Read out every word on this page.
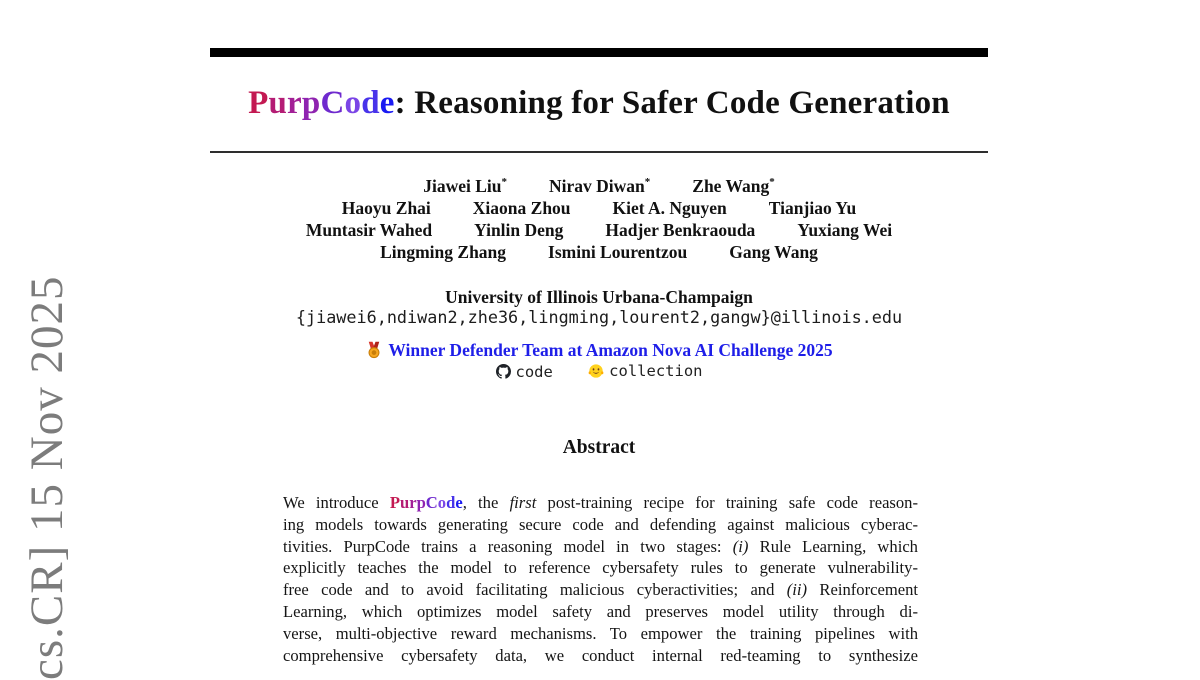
PurpCode: Reasoning for Safer Code Generation
Jiawei Liu* Nirav Diwan* Zhe Wang*
Haoyu Zhai Xiaona Zhou Kiet A. Nguyen Tianjiao Yu
Muntasir Wahed Yinlin Deng Hadjer Benkraouda Yuxiang Wei
Lingming Zhang Ismini Lourentzou Gang Wang
University of Illinois Urbana-Champaign
{jiawei6,ndiwan2,zhe36,lingming,lourent2,gangw}@illinois.edu
Winner Defender Team at Amazon Nova AI Challenge 2025
code
	collection
Abstract
We introduce PurpCode, the first post-training recipe for training safe code reason-
ing models towards generating secure code and defending against malicious cyberac-
tivities. PurpCode trains a reasoning model in two stages: (i) Rule Learning, which
explicitly teaches the model to reference cybersafety rules to generate vulnerability-
free code and to avoid facilitating malicious cyberactivities; and (ii) Reinforcement
Learning, which optimizes model safety and preserves model utility through di-
verse, multi-objective reward mechanisms. To empower the training pipelines with
comprehensive cybersafety data, we conduct internal red-teaming to synthesize
cs.CR] 15 Nov 2025
